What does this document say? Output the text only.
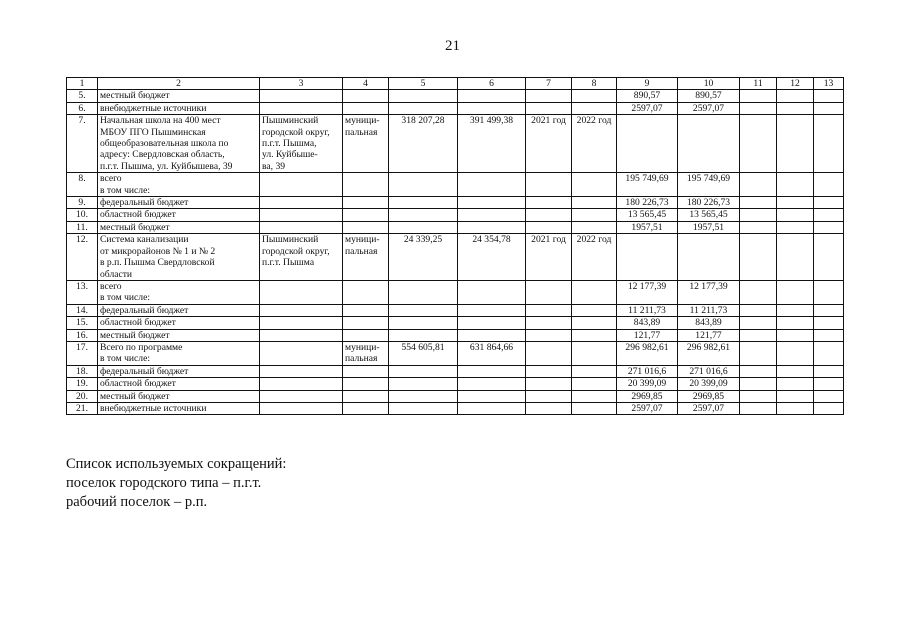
21
1	2	3	4	5	6	7	8	9	10	11	12	13
5.	местный бюджет							890,57	890,57			
6.	внебюджетные источники							2597,07	2597,07			
7.	Начальная школа на 400 мест
МБОУ ПГО Пышминская
общеобразовательная школа по
адресу: Свердловская область,
п.г.т. Пышма, ул. Куйбышева, 39	Пышминский
городской округ,
п.г.т. Пышма,
ул. Куйбыше-
ва, 39	муници-
пальная	318 207,28	391 499,38	2021 год	2022 год					
8.	всего
в том числе:							195 749,69	195 749,69			
9.	федеральный бюджет							180 226,73	180 226,73			
10.	областной бюджет							13 565,45	13 565,45			
11.	местный бюджет							1957,51	1957,51			
12.	Система канализации
от микрорайонов № 1 и № 2
в р.п. Пышма Свердловской
области	Пышминский
городской округ,
п.г.т. Пышма	муници-
пальная	24 339,25	24 354,78	2021 год	2022 год					
13.	всего
в том числе:							12 177,39	12 177,39			
14.	федеральный бюджет							11 211,73	11 211,73			
15.	областной бюджет							843,89	843,89			
16.	местный бюджет							121,77	121,77			
17.	Всего по программе
в том числе:		муници-
пальная	554 605,81	631 864,66			296 982,61	296 982,61			
18.	федеральный бюджет							271 016,6	271 016,6			
19.	областной бюджет							20 399,09	20 399,09			
20.	местный бюджет							2969,85	2969,85			
21.	внебюджетные источники							2597,07	2597,07			
Список используемых сокращений:
поселок городского типа – п.г.т.
рабочий поселок – р.п.
